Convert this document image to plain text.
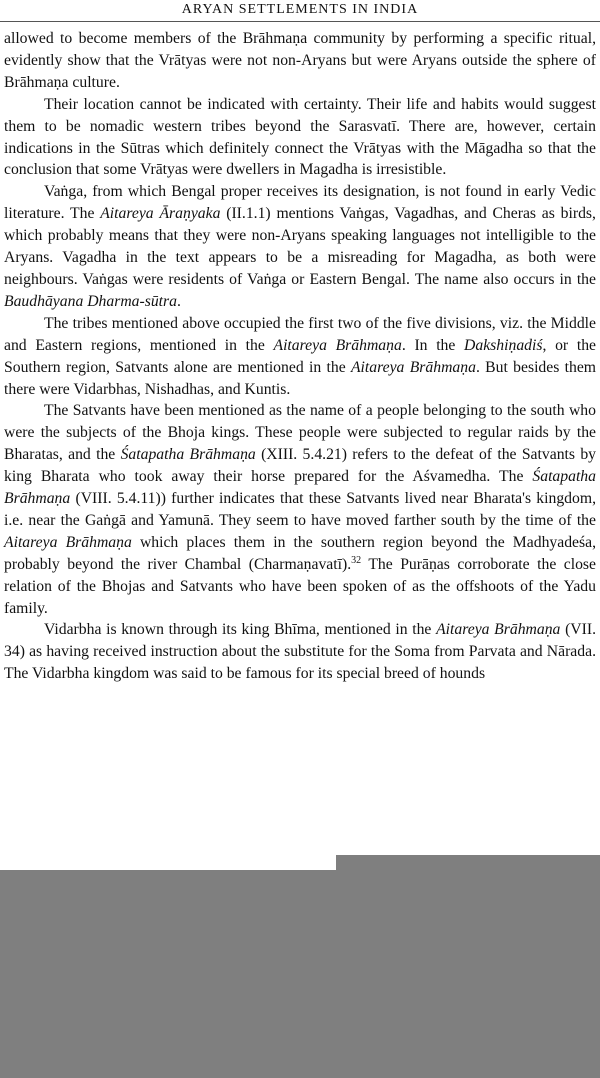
ARYAN SETTLEMENTS IN INDIA

allowed to become members of the Brāhmaṇa community by performing a specific ritual, evidently show that the Vrātyas were not non-Aryans but were Aryans outside the sphere of Brāhmaṇa culture.

Their location cannot be indicated with certainty. Their life and habits would suggest them to be nomadic western tribes beyond the Sarasvatī. There are, however, certain indications in the Sūtras which definitely connect the Vrātyas with the Māgadha so that the conclusion that some Vrātyas were dwellers in Magadha is irresistible.

Vaṅga, from which Bengal proper receives its designation, is not found in early Vedic literature. The Aitareya Āraṇyaka (II.1.1) mentions Vaṅgas, Vagadhas, and Cheras as birds, which probably means that they were non-Aryans speaking languages not intelligible to the Aryans. Vagadha in the text appears to be a misreading for Magadha, as both were neighbours. Vaṅgas were residents of Vaṅga or Eastern Bengal. The name also occurs in the Baudhāyana Dharma-sūtra.

The tribes mentioned above occupied the first two of the five divisions, viz. the Middle and Eastern regions, mentioned in the Aitareya Brāhmaṇa. In the Dakshiṇadiś, or the Southern region, Satvants alone are mentioned in the Aitareya Brāhmaṇa. But besides them there were Vidarbhas, Nishadhas, and Kuntis.

The Satvants have been mentioned as the name of a people belonging to the south who were the subjects of the Bhoja kings. These people were subjected to regular raids by the Bharatas, and the Śatapatha Brāhmaṇa (XIII. 5.4.21) refers to the defeat of the Satvants by king Bharata who took away their horse prepared for the Aśvamedha. The Śatapatha Brāhmaṇa (VIII. 5.4.11)) further indicates that these Satvants lived near Bharata's kingdom, i.e. near the Gaṅgā and Yamunā. They seem to have moved farther south by the time of the Aitareya Brāhmaṇa which places them in the southern region beyond the Madhyadeśa, probably beyond the river Chambal (Charmaṇavatī).$^{32}$ The Purāṇas corroborate the close relation of the Bhojas and Satvants who have been spoken of as the offshoots of the Yadu family.

Vidarbha is known through its king Bhīma, mentioned in the Aitareya Brāhmaṇa (VII. 34) as having received instruction about the substitute for the Soma from Parvata and Nārada. The Vidarbha kingdom was said to be famous for its special breed of hounds
